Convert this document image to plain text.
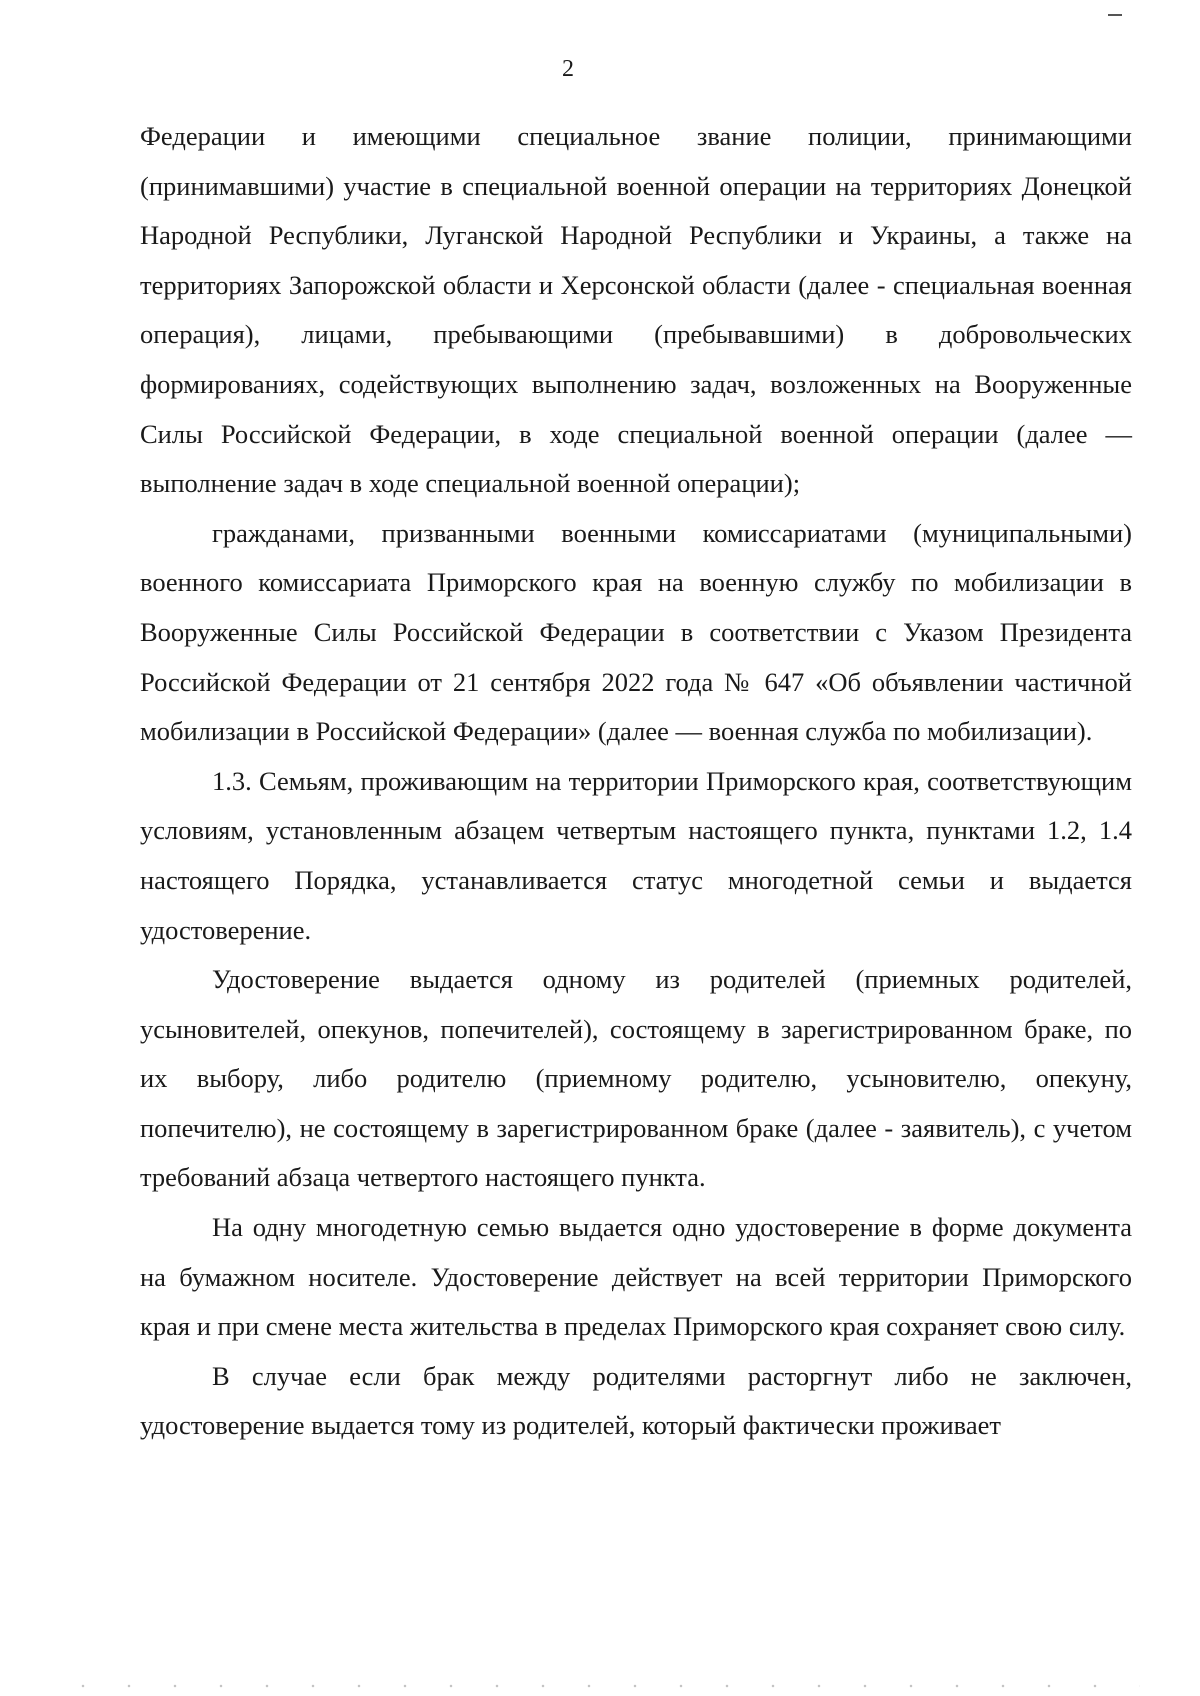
2

Федерации и имеющими специальное звание полиции, принимающими (принимавшими) участие в специальной военной операции на территориях Донецкой Народной Республики, Луганской Народной Республики и Украины, а также на территориях Запорожской области и Херсонской области (далее - специальная военная операция), лицами, пребывающими (пребывавшими) в добровольческих формированиях, содействующих выполнению задач, возложенных на Вооруженные Силы Российской Федерации, в ходе специальной военной операции (далее — выполнение задач в ходе специальной военной операции);

гражданами, призванными военными комиссариатами (муниципальными) военного комиссариата Приморского края на военную службу по мобилизации в Вооруженные Силы Российской Федерации в соответствии с Указом Президента Российской Федерации от 21 сентября 2022 года № 647 «Об объявлении частичной мобилизации в Российской Федерации» (далее — военная служба по мобилизации).

1.3. Семьям, проживающим на территории Приморского края, соответствующим условиям, установленным абзацем четвертым настоящего пункта, пунктами 1.2, 1.4 настоящего Порядка, устанавливается статус многодетной семьи и выдается удостоверение.

Удостоверение выдается одному из родителей (приемных родителей, усыновителей, опекунов, попечителей), состоящему в зарегистрированном браке, по их выбору, либо родителю (приемному родителю, усыновителю, опекуну, попечителю), не состоящему в зарегистрированном браке (далее - заявитель), с учетом требований абзаца четвертого настоящего пункта.

На одну многодетную семью выдается одно удостоверение в форме документа на бумажном носителе. Удостоверение действует на всей территории Приморского края и при смене места жительства в пределах Приморского края сохраняет свою силу.

В случае если брак между родителями расторгнут либо не заключен, удостоверение выдается тому из родителей, который фактически проживает
